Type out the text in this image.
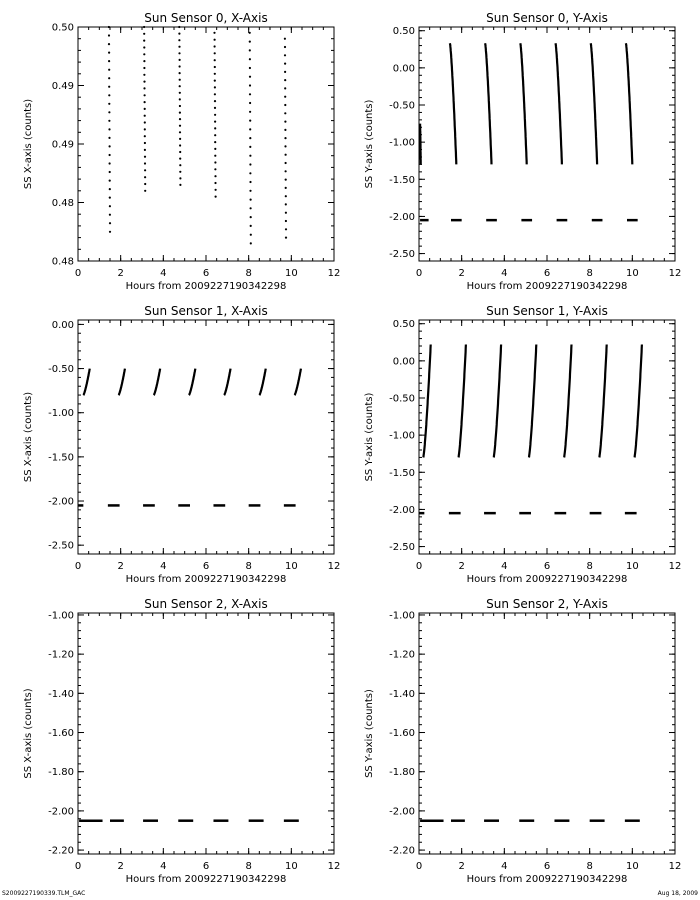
Sun Sensor 0, X-Axis
Hours from 2009227190342298
SS X-axis (counts)
0	2	4	6	8	10	12
0.48
0.48
0.49
0.49
0.50
Sun Sensor 0, Y-Axis
Hours from 2009227190342298
SS Y-axis (counts)
0	2	4	6	8	10	12
-2.50
-2.00
-1.50
-1.00
-0.50
0.00
0.50
Sun Sensor 1, X-Axis
Hours from 2009227190342298
SS X-axis (counts)
0	2	4	6	8	10	12
-2.50
-2.00
-1.50
-1.00
-0.50
0.00
Sun Sensor 1, Y-Axis
Hours from 2009227190342298
SS Y-axis (counts)
0	2	4	6	8	10	12
-2.50
-2.00
-1.50
-1.00
-0.50
0.00
0.50
Sun Sensor 2, X-Axis
Hours from 2009227190342298
SS X-axis (counts)
0	2	4	6	8	10	12
-2.20
-2.00
-1.80
-1.60
-1.40
-1.20
-1.00
Sun Sensor 2, Y-Axis
Hours from 2009227190342298
SS Y-axis (counts)
0	2	4	6	8	10	12
-2.20
-2.00
-1.80
-1.60
-1.40
-1.20
-1.00
S2009227190339.TLM_GAC	Aug 18, 2009
